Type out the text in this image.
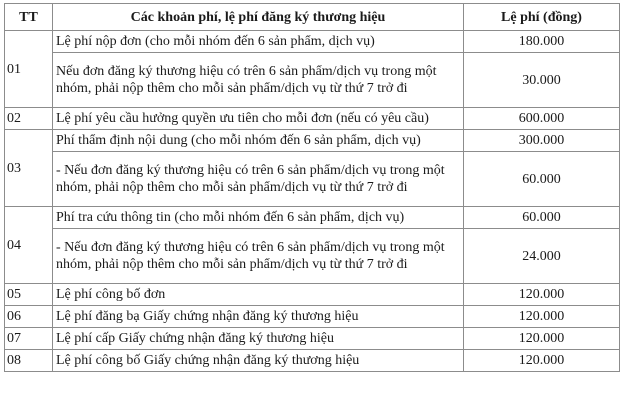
TT	Các khoản phí, lệ phí đăng ký thương hiệu	Lệ phí (đồng)
01	Lệ phí nộp đơn (cho mỗi nhóm đến 6 sản phẩm, dịch vụ)	180.000

	Nếu đơn đăng ký thương hiệu có trên 6 sản phẩm/dịch vụ trong một
nhóm, phải nộp thêm cho mỗi sản phẩm/dịch vụ từ thứ 7 trở đi	30.000
02	Lệ phí yêu cầu hưởng quyền ưu tiên cho mỗi đơn (nếu có yêu cầu)	600.000
03	Phí thẩm định nội dung (cho mỗi nhóm đến 6 sản phẩm, dịch vụ)	300.000

	- Nếu đơn đăng ký thương hiệu có trên 6 sản phẩm/dịch vụ trong một
nhóm, phải nộp thêm cho mỗi sản phẩm/dịch vụ từ thứ 7 trở đi	60.000
04	Phí tra cứu thông tin (cho mỗi nhóm đến 6 sản phẩm, dịch vụ)	60.000

	- Nếu đơn đăng ký thương hiệu có trên 6 sản phẩm/dịch vụ trong một
nhóm, phải nộp thêm cho mỗi sản phẩm/dịch vụ từ thứ 7 trở đi	24.000
05	Lệ phí công bố đơn	120.000
06	Lệ phí đăng bạ Giấy chứng nhận đăng ký thương hiệu	120.000
07	Lệ phí cấp Giấy chứng nhận đăng ký thương hiệu	120.000
08	Lệ phí công bố Giấy chứng nhận đăng ký thương hiệu	120.000
